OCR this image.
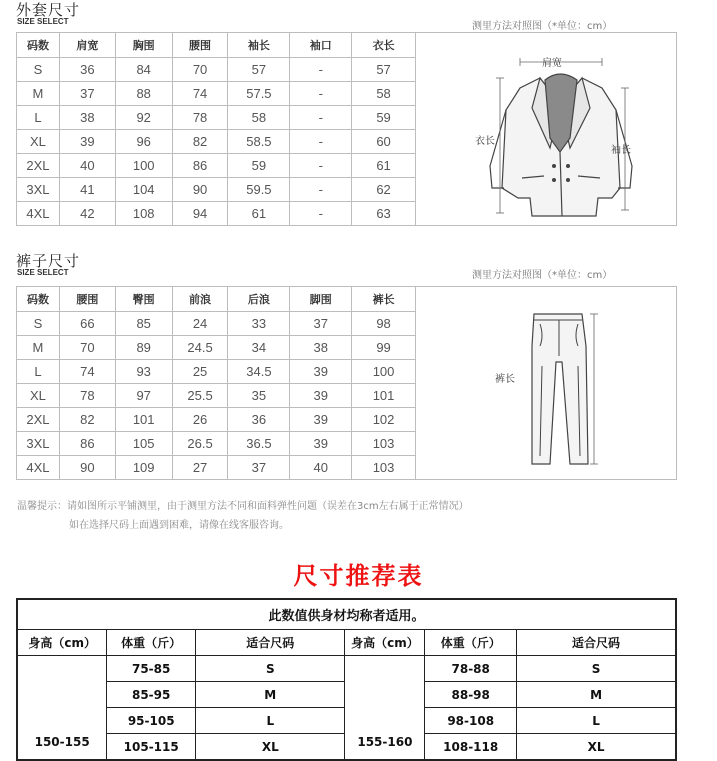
外套尺寸
SIZE SELECT	测里方法对照图（*单位：cm）
码数	肩宽	胸围	腰围	袖长	袖口	衣长
S	36	84	70	57	-	57
M	37	88	74	57.5	-	58
L	38	92	78	58	-	59
XL	39	96	82	58.5	-	60
2XL	40	100	86	59	-	61
3XL	41	104	90	59.5	-	62
4XL	42	108	94	61	-	63
肩宽
衣长
袖长
裤子尺寸
SIZE SELECT	测里方法对照图（*单位：cm）
码数	腰围	臀围	前浪	后浪	脚围	裤长
S	66	85	24	33	37	98
M	70	89	24.5	34	38	99
L	74	93	25	34.5	39	100
XL	78	97	25.5	35	39	101
2XL	82	101	26	36	39	102
3XL	86	105	26.5	36.5	39	103
4XL	90	109	27	37	40	103
裤长
温馨提示：请如图所示平铺测里，由于测里方法不同和面料弹性问题（误差在3cm左右属于正常情况）
如在选择尺码上面遇到困难，请像在线客服咨询。
尺寸推荐表
此数值供身材均称者适用。					
身高（cm）	体重（斤）	适合尺码	身高（cm）	体重（斤）	适合尺码
150-155	75-85	S	155-160	78-88	S
	85-95	M		88-98	M
	95-105	L		98-108	L
	105-115	XL		108-118	XL
